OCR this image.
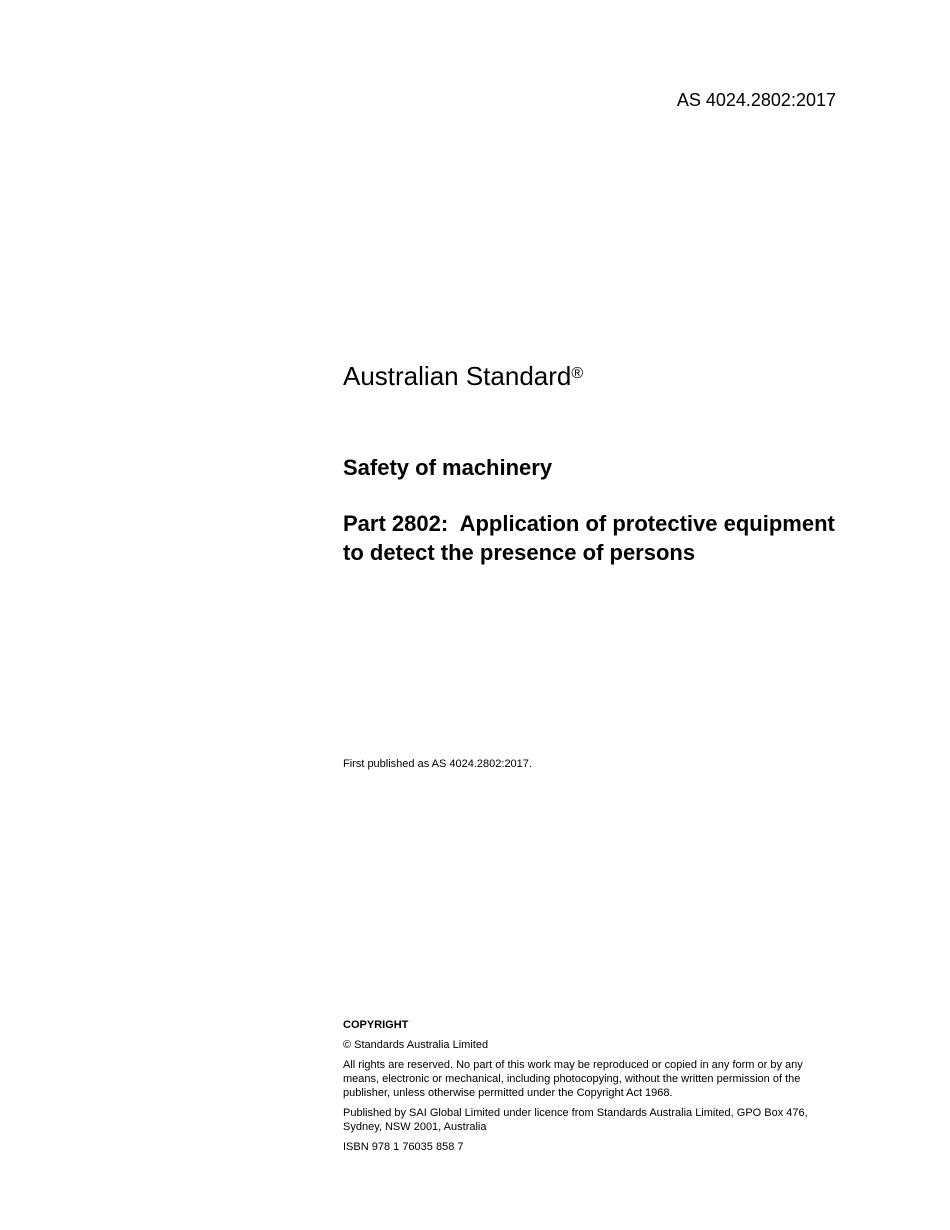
AS 4024.2802:2017
Australian Standard®
Safety of machinery
Part 2802:  Application of protective equipment to detect the presence of persons
First published as AS 4024.2802:2017.

COPYRIGHT

© Standards Australia Limited

All rights are reserved. No part of this work may be reproduced or copied in any form or by any means, electronic or mechanical, including photocopying, without the written permission of the publisher, unless otherwise permitted under the Copyright Act 1968.

Published by SAI Global Limited under licence from Standards Australia Limited, GPO Box 476, Sydney, NSW 2001, Australia

ISBN 978 1 76035 858 7
